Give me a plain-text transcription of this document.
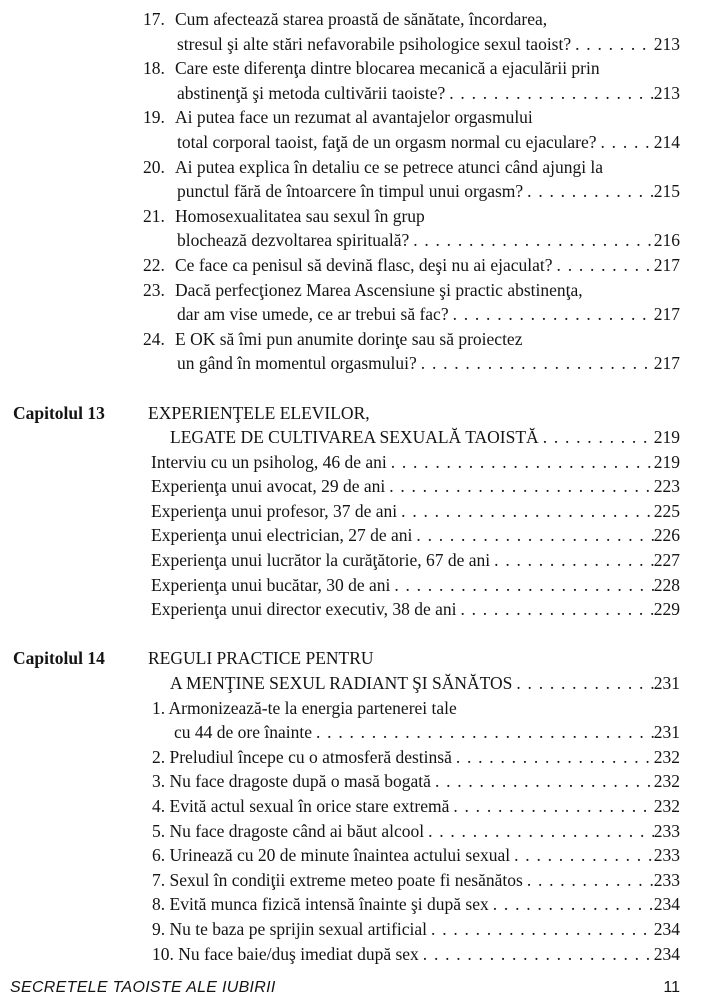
17. Cum afectează starea proastă de sănătate, încordarea,
stresul şi alte stări nefavorabile psihologice sexul taoist? . . .	213
18. Care este diferenţa dintre blocarea mecanică a ejaculării prin
abstinenţă şi metoda cultivării taoiste? . . .	213
19. Ai putea face un rezumat al avantajelor orgasmului
total corporal taoist, faţă de un orgasm normal cu ejaculare? . . .	214
20. Ai putea explica în detaliu ce se petrece atunci când ajungi la
punctul fără de întoarcere în timpul unui orgasm? . . .	215
21. Homosexualitatea sau sexul în grup
blochează dezvoltarea spirituală? . . .	216
22. Ce face ca penisul să devină flasc, deşi nu ai ejaculat? . . .	217
23. Dacă perfecţionez Marea Ascensiune şi practic abstinenţa,
dar am vise umede, ce ar trebui să fac? . . .	217
24. E OK să îmi pun anumite dorinţe sau să proiectez
un gând în momentul orgasmului? . . .	217
Capitolul 13 EXPERIENŢELE ELEVILOR,
LEGATE DE CULTIVAREA SEXUALĂ TAOISTĂ . . .	219
Interviu cu un psiholog, 46 de ani . . .	219
Experienţa unui avocat, 29 de ani . . .	223
Experienţa unui profesor, 37 de ani . . .	225
Experienţa unui electrician, 27 de ani . . .	226
Experienţa unui lucrător la curăţătorie, 67 de ani . . .	227
Experienţa unui bucătar, 30 de ani . . .	228
Experienţa unui director executiv, 38 de ani . . .	229
Capitolul 14 REGULI PRACTICE PENTRU
A MENŢINE SEXUL RADIANT ŞI SĂNĂTOS . . .	231
1. Armonizează-te la energia partenerei tale
cu 44 de ore înainte . . .	231
2. Preludiul începe cu o atmosferă destinsă . . .	232
3. Nu face dragoste după o masă bogată . . .	232
4. Evită actul sexual în orice stare extremă . . .	232
5. Nu face dragoste când ai băut alcool . . .	233
6. Urinează cu 20 de minute înaintea actului sexual . . .	233
7. Sexul în condiţii extreme meteo poate fi nesănătos . . .	233
8. Evită munca fizică intensă înainte şi după sex . . .	234
9. Nu te baza pe sprijin sexual artificial . . .	234
10. Nu face baie/duş imediat după sex . . .	234
SECRETELE TAOISTE ALE IUBIRII	11
